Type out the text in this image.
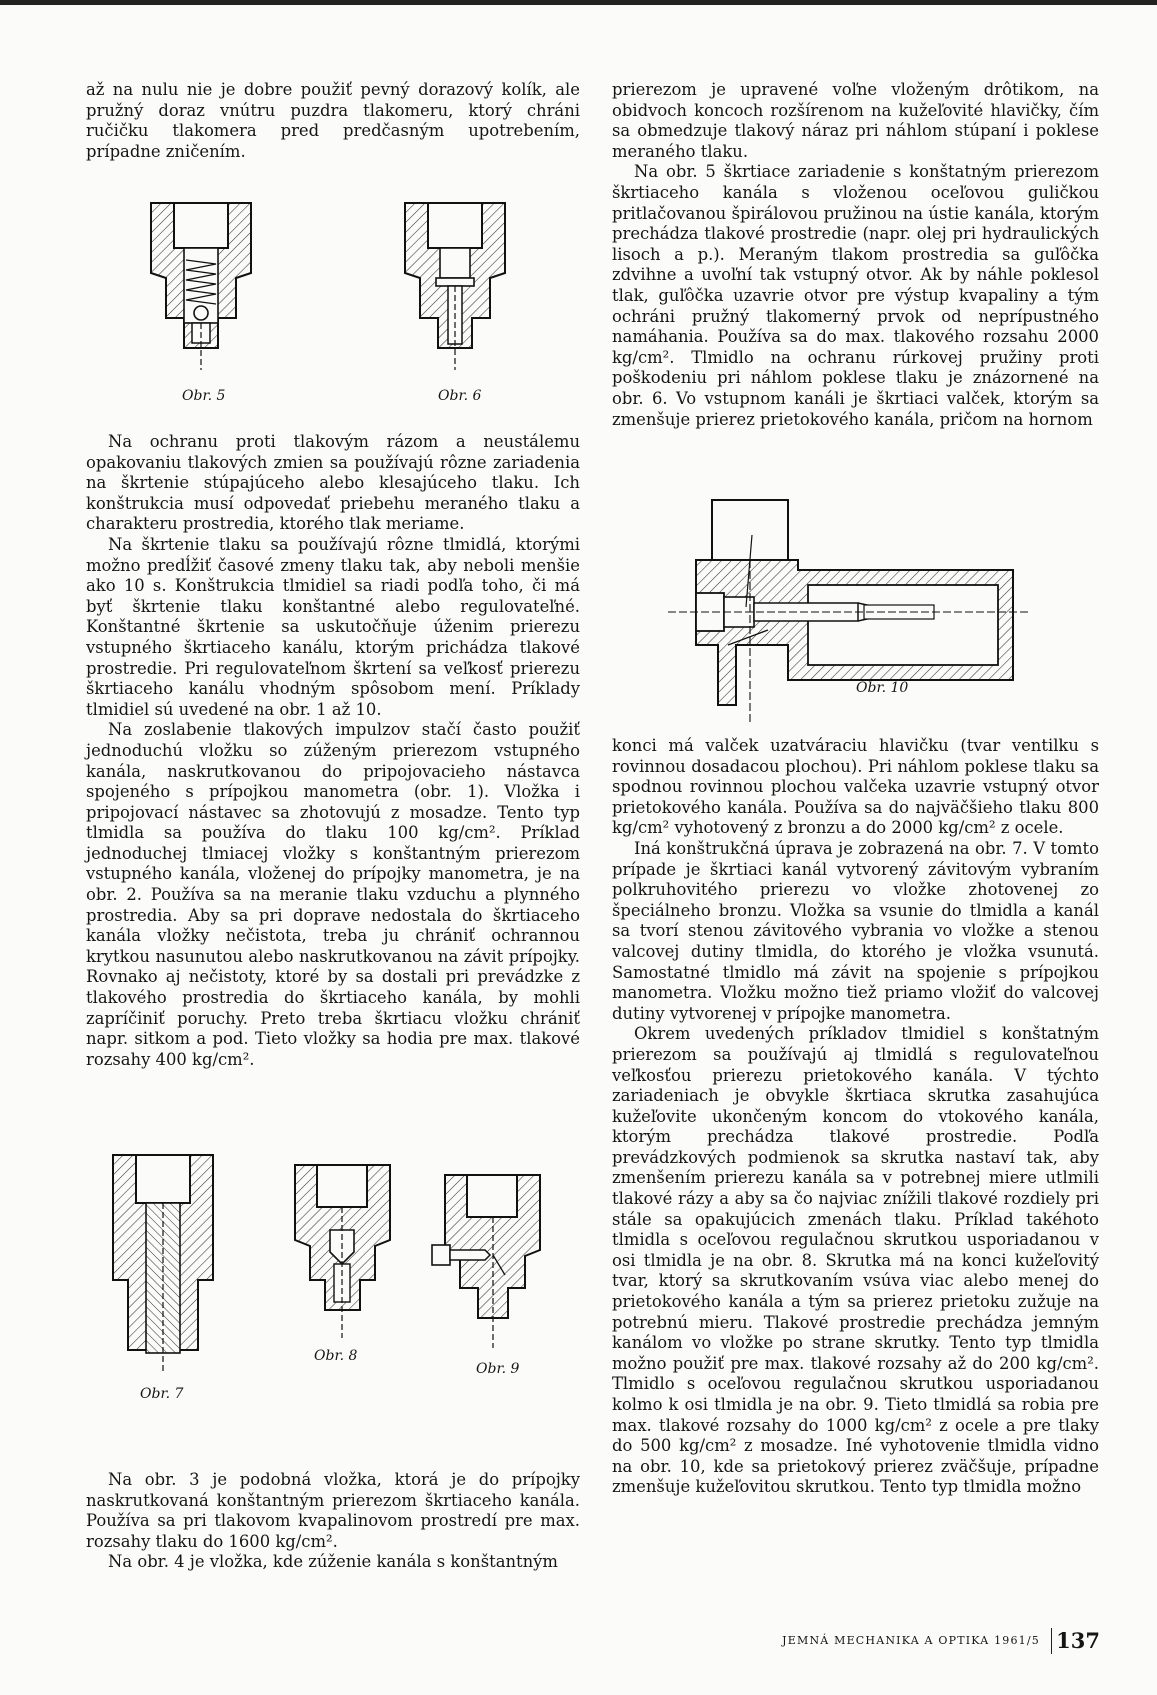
až na nulu nie je dobre použiť pevný dorazový kolík, ale pružný doraz vnútru puzdra tlakomeru, ktorý chráni ručičku tlakomera pred predčasným upotrebením, prípadne zničením.

Obr. 5	Obr. 6

Na ochranu proti tlakovým rázom a neustálemu opakovaniu tlakových zmien sa používajú rôzne zariadenia na škrtenie stúpajúceho alebo klesajúceho tlaku. Ich konštrukcia musí odpovedať priebehu meraného tlaku a charakteru prostredia, ktorého tlak meriame.

Na škrtenie tlaku sa používajú rôzne tlmidlá, ktorými možno predĺžiť časové zmeny tlaku tak, aby neboli menšie ako 10 s. Konštrukcia tlmidiel sa riadi podľa toho, či má byť škrtenie tlaku konštantné alebo regulovateľné. Konštantné škrtenie sa uskutočňuje úženim prierezu vstupného škrtiaceho kanálu, ktorým prichádza tlakové prostredie. Pri regulovateľnom škrtení sa veľkosť prierezu škrtiaceho kanálu vhodným spôsobom mení. Príklady tlmidiel sú uvedené na obr. 1 až 10.

Na zoslabenie tlakových impulzov stačí často použiť jednoduchú vložku so zúženým prierezom vstupného kanála, naskrutkovanou do pripojovacieho nástavca spojeného s prípojkou manometra (obr. 1). Vložka i pripojovací nástavec sa zhotovujú z mosadze. Tento typ tlmidla sa používa do tlaku 100 kg/cm². Príklad jednoduchej tlmiacej vložky s konštantným prierezom vstupného kanála, vloženej do prípojky manometra, je na obr. 2. Používa sa na meranie tlaku vzduchu a plynného prostredia. Aby sa pri doprave nedostala do škrtiaceho kanála vložky nečistota, treba ju chrániť ochrannou krytkou nasunutou alebo naskrutkovanou na závit prípojky. Rovnako aj nečistoty, ktoré by sa dostali pri prevádzke z tlakového prostredia do škrtiaceho kanála, by mohli zapríčiniť poruchy. Preto treba škrtiacu vložku chrániť napr. sitkom a pod. Tieto vložky sa hodia pre max. tlakové rozsahy 400 kg/cm².

Obr. 7
Obr. 8
Obr. 9

Na obr. 3 je podobná vložka, ktorá je do prípojky naskrutkovaná konštantným prierezom škrtiaceho kanála. Používa sa pri tlakovom kvapalinovom prostredí pre max. rozsahy tlaku do 1600 kg/cm².

Na obr. 4 je vložka, kde zúženie kanála s konštantným

prierezom je upravené voľne vloženým drôtikom, na obidvoch koncoch rozšírenom na kužeľovité hlavičky, čím sa obmedzuje tlakový náraz pri náhlom stúpaní i poklese meraného tlaku.

Na obr. 5 škrtiace zariadenie s konštatným prierezom škrtiaceho kanála s vloženou oceľovou guličkou pritlačovanou špirálovou pružinou na ústie kanála, ktorým prechádza tlakové prostredie (napr. olej pri hydraulických lisoch a p.). Meraným tlakom prostredia sa guľôčka zdvihne a uvoľní tak vstupný otvor. Ak by náhle poklesol tlak, guľôčka uzavrie otvor pre výstup kvapaliny a tým ochráni pružný tlakomerný prvok od neprípustného namáhania. Používa sa do max. tlakového rozsahu 2000 kg/cm². Tlmidlo na ochranu rúrkovej pružiny proti poškodeniu pri náhlom poklese tlaku je znázornené na obr. 6. Vo vstupnom kanáli je škrtiaci valček, ktorým sa zmenšuje prierez prietokového kanála, pričom na hornom

Obr. 10

konci má valček uzatváraciu hlavičku (tvar ventilku s rovinnou dosadacou plochou). Pri náhlom poklese tlaku sa spodnou rovinnou plochou valčeka uzavrie vstupný otvor prietokového kanála. Používa sa do najväčšieho tlaku 800 kg/cm² vyhotovený z bronzu a do 2000 kg/cm² z ocele.

Iná konštrukčná úprava je zobrazená na obr. 7. V tomto prípade je škrtiaci kanál vytvorený závitovým vybraním polkruhovitého prierezu vo vložke zhotovenej zo špeciálneho bronzu. Vložka sa vsunie do tlmidla a kanál sa tvorí stenou závitového vybrania vo vložke a stenou valcovej dutiny tlmidla, do ktorého je vložka vsunutá. Samostatné tlmidlo má závit na spojenie s prípojkou manometra. Vložku možno tiež priamo vložiť do valcovej dutiny vytvorenej v prípojke manometra.

Okrem uvedených príkladov tlmidiel s konštatným prierezom sa používajú aj tlmidlá s regulovateľnou veľkosťou prierezu prietokového kanála. V týchto zariadeniach je obvykle škrtiaca skrutka zasahujúca kužeľovite ukončeným koncom do vtokového kanála, ktorým prechádza tlakové prostredie. Podľa prevádzkových podmienok sa skrutka nastaví tak, aby zmenšením prierezu kanála sa v potrebnej miere utlmili tlakové rázy a aby sa čo najviac znížili tlakové rozdiely pri stále sa opakujúcich zmenách tlaku. Príklad takéhoto tlmidla s oceľovou regulačnou skrutkou usporiadanou v osi tlmidla je na obr. 8. Skrutka má na konci kužeľovitý tvar, ktorý sa skrutkovaním vsúva viac alebo menej do prietokového kanála a tým sa prierez prietoku zužuje na potrebnú mieru. Tlakové prostredie prechádza jemným kanálom vo vložke po strane skrutky. Tento typ tlmidla možno použiť pre max. tlakové rozsahy až do 200 kg/cm². Tlmidlo s oceľovou regulačnou skrutkou usporiadanou kolmo k osi tlmidla je na obr. 9. Tieto tlmidlá sa robia pre max. tlakové rozsahy do 1000 kg/cm² z ocele a pre tlaky do 500 kg/cm² z mosadze. Iné vyhotovenie tlmidla vidno na obr. 10, kde sa prietokový prierez zväčšuje, prípadne zmenšuje kužeľovitou skrutkou. Tento typ tlmidla možno

JEMNÁ MECHANIKA A OPTIKA 1961/5 137
